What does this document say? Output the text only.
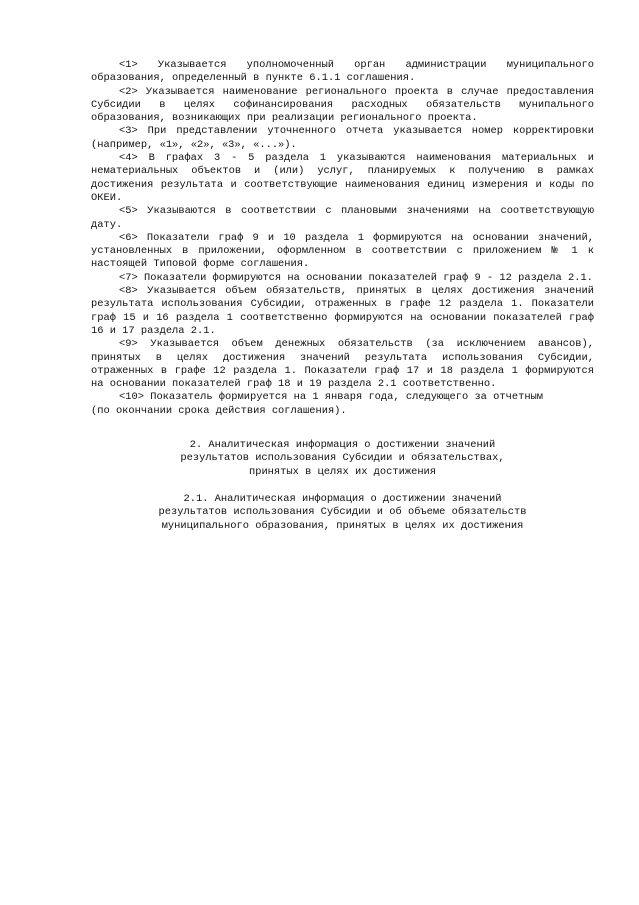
<1> Указывается уполномоченный орган администрации муниципального образования, определенный в пункте 6.1.1 соглашения.

<2> Указывается наименование регионального проекта в случае предоставления Субсидии в целях софинансирования расходных обязательств мунипального образования, возникающих при реализации регионального проекта.

<3> При представлении уточненного отчета указывается номер корректировки (например, «1», «2», «3», «...»).

<4> В графах 3 - 5 раздела 1 указываются наименования материальных и нематериальных объектов и (или) услуг, планируемых к получению в рамках достижения результата и соответствующие наименования единиц измерения и коды по ОКЕИ.

<5> Указываются в соответствии с плановыми значениями на соответствующую дату.

<6> Показатели граф 9 и 10 раздела 1 формируются на основании значений, установленных в приложении, оформленном в соответствии с приложением № 1 к настоящей Типовой форме соглашения.

<7> Показатели формируются на основании показателей граф 9 - 12 раздела 2.1.

<8> Указывается объем обязательств, принятых в целях достижения значений результата использования Субсидии, отраженных в графе 12 раздела 1. Показатели граф 15 и 16 раздела 1 соответственно формируются на основании показателей граф 16 и 17 раздела 2.1.

<9> Указывается объем денежных обязательств (за исключением авансов), принятых в целях достижения значений результата использования Субсидии, отраженных в графе 12 раздела 1. Показатели граф 17 и 18 раздела 1 формируются на основании показателей граф 18 и 19 раздела 2.1 соответственно.

<10> Показатель формируется на 1 января года, следующего за отчетным

(по окончании срока действия соглашения).

2. Аналитическая информация о достижении значений
результатов использования Субсидии и обязательствах,
принятых в целях их достижения

2.1. Аналитическая информация о достижении значений
результатов использования Субсидии и об объеме обязательств
муниципального образования, принятых в целях их достижения
